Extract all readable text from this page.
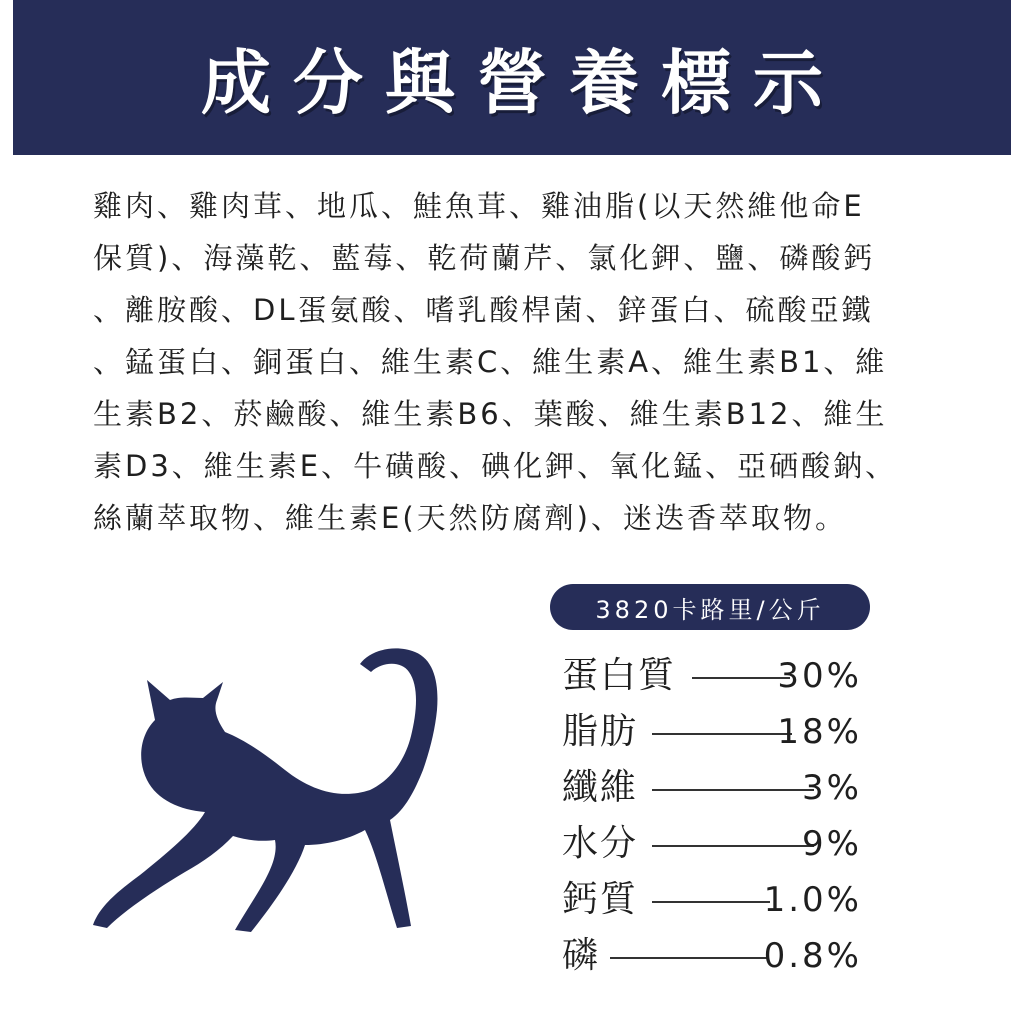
成分與營養標示
雞肉、雞肉茸、地瓜、鮭魚茸、雞油脂(以天然維他命E
保質)、海藻乾、藍莓、乾荷蘭芹、氯化鉀、鹽、磷酸鈣
、離胺酸、DL蛋氨酸、嗜乳酸桿菌、鋅蛋白、硫酸亞鐵
、錳蛋白、銅蛋白、維生素C、維生素A、維生素B1、維
生素B2、菸鹼酸、維生素B6、葉酸、維生素B12、維生
素D3、維生素E、牛磺酸、碘化鉀、氧化錳、亞硒酸鈉、
絲蘭萃取物、維生素E(天然防腐劑)、迷迭香萃取物。
3820卡路里/公斤
蛋白質	30%
脂肪	18%
纖維	3%
水分	9%
鈣質	1.0%
磷	0.8%
